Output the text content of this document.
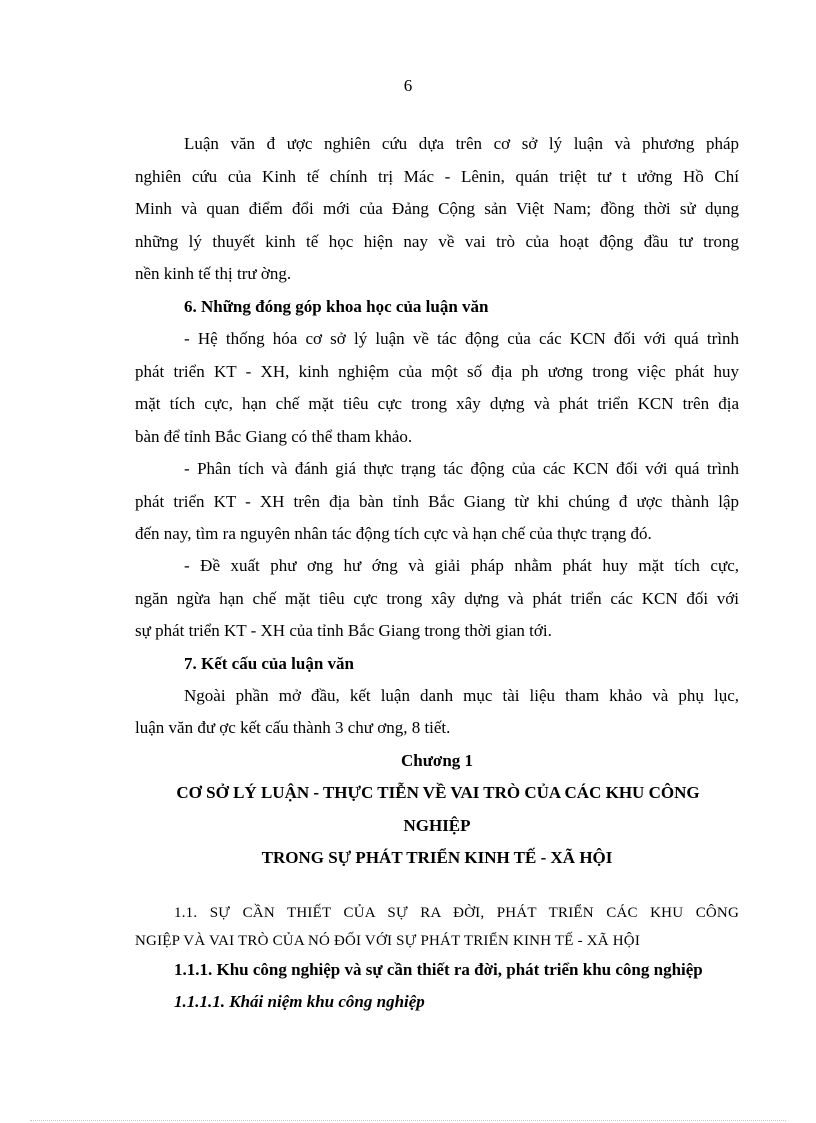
6
Luận văn đ ược nghiên cứu dựa trên cơ sở lý luận và phương pháp
nghiên cứu của Kinh tế chính trị Mác - Lênin, quán triệt tư t ưởng Hồ Chí
Minh và quan điểm đổi mới của Đảng Cộng sản Việt Nam; đồng thời sử dụng
những lý thuyết kinh tế học hiện nay về vai trò của hoạt động đầu tư trong
nền kinh tế thị trư ờng.
6. Những đóng góp khoa học của luận văn
- Hệ thống hóa cơ sở lý luận về tác động của các KCN đối với quá trình
phát triển KT - XH, kinh nghiệm của một số địa ph ương trong việc phát huy
mặt tích cực, hạn chế mặt tiêu cực trong xây dựng và phát triển KCN trên địa
bàn để tỉnh Bắc Giang có thể tham khảo.
- Phân tích và đánh giá thực trạng tác động của các KCN đối với quá trình
phát triển KT - XH trên địa bàn tỉnh Bắc Giang từ khi chúng đ ược thành lập
đến nay, tìm ra nguyên nhân tác động tích cực và hạn chế của thực trạng đó.
- Đề xuất phư ơng hư ớng và giải pháp nhằm phát huy mặt tích cực,
ngăn ngừa hạn chế mặt tiêu cực trong xây dựng và phát triển các KCN đối với
sự phát triển KT - XH của tỉnh Bắc Giang trong thời gian tới.
7. Kết cấu của luận văn
Ngoài phần mở đầu, kết luận danh mục tài liệu tham khảo và phụ lục,
luận văn đư ợc kết cấu thành 3 chư ơng, 8 tiết.
Chương 1
CƠ SỞ LÝ LUẬN - THỰC TIỄN VỀ VAI TRÒ CỦA CÁC KHU CÔNG
NGHIỆP
TRONG SỰ PHÁT TRIỂN KINH TẾ - XÃ HỘI
1.1. SỰ CẦN THIẾT CỦA SỰ RA ĐỜI, PHÁT TRIỂN CÁC KHU CÔNG
NGIỆP VÀ VAI TRÒ CỦA NÓ ĐỐI VỚI SỰ PHÁT TRIỂN KINH TẾ - XÃ HỘI
1.1.1. Khu công nghiệp và sự cần thiết ra đời, phát triển khu công nghiệp
1.1.1.1. Khái niệm khu công nghiệp
